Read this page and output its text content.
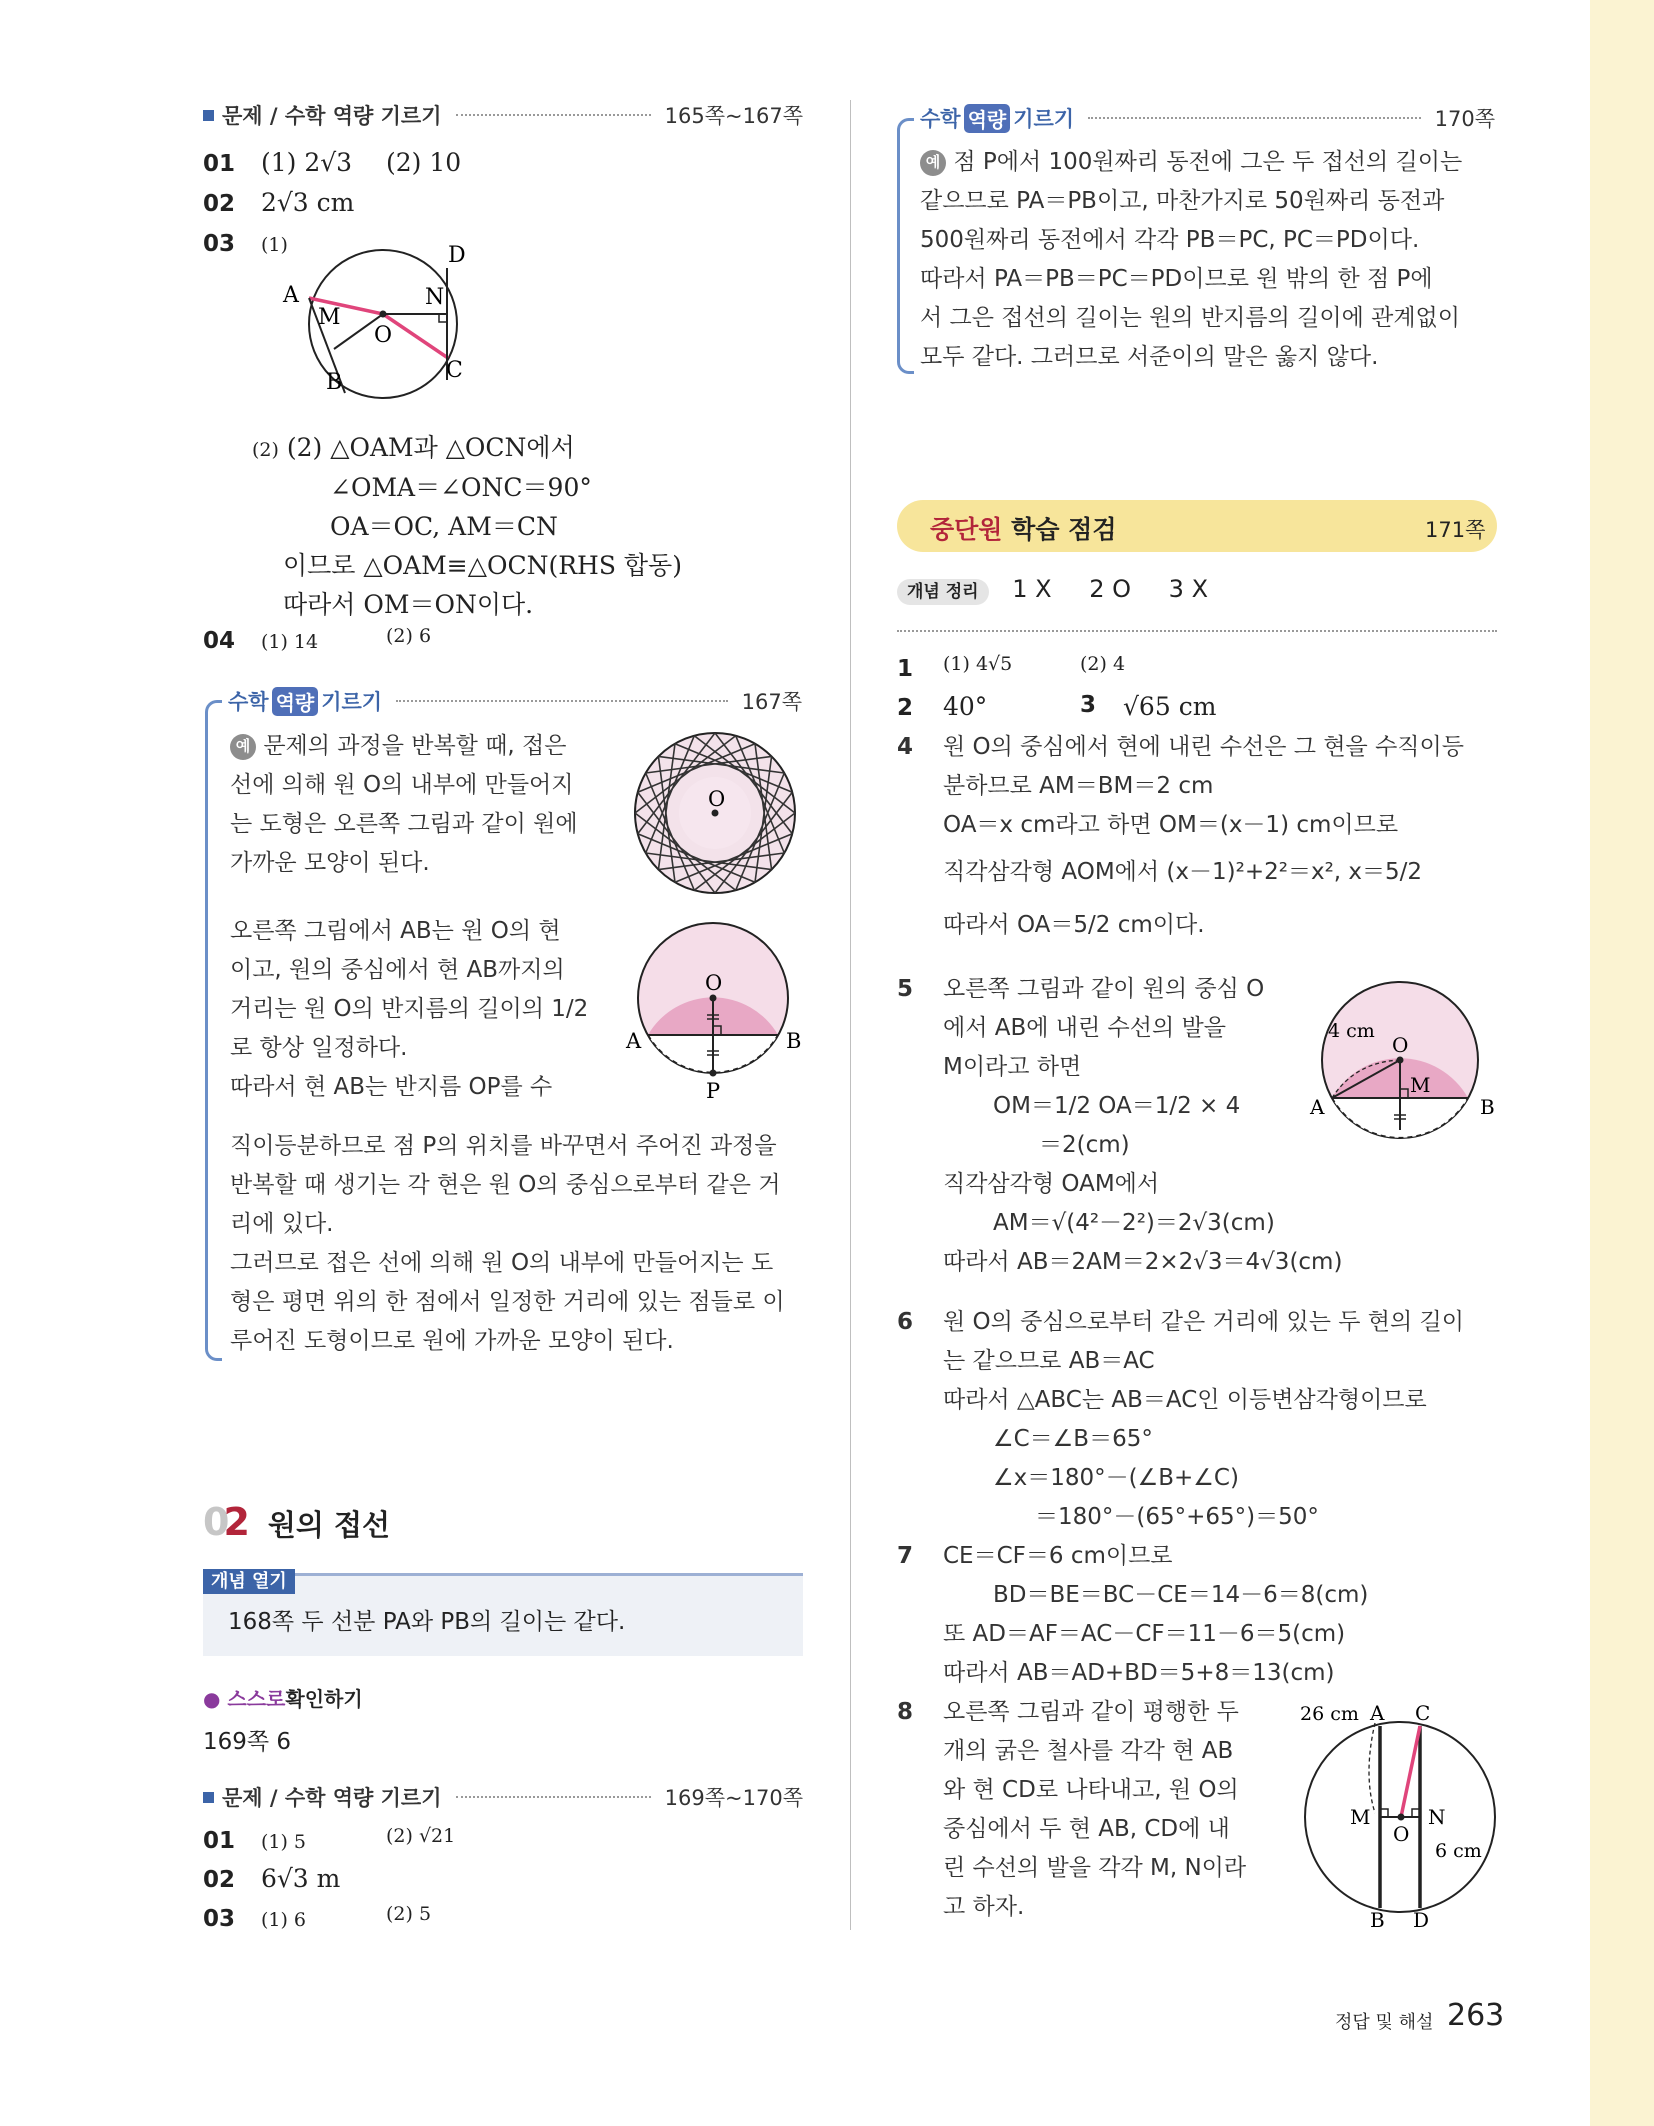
문제 / 수학 역량 기르기	165쪽~167쪽
01 (1) 2√3 (2) 10
02 2√3 cm
03 (1)
A
B	C
D
M
N
O
(2) (2) △OAM과 △OCN에서
∠OMA＝∠ONC＝90°
OA＝OC, AM＝CN
이므로 △OAM≡△OCN(RHS 합동)
따라서 OM＝ON이다.
04 (1) 14	(2) 6
수학 역량 기르기	167쪽
예 문제의 과정을 반복할 때, 접은
선에 의해 원 O의 내부에 만들어지
는 도형은 오른쪽 그림과 같이 원에
가까운 모양이 된다.
O
오른쪽 그림에서 AB는 원 O의 현
이고, 원의 중심에서 현 AB까지의
거리는 원 O의 반지름의 길이의 1/2
로 항상 일정하다.
따라서 현 AB는 반지름 OP를 수
O
A	B
P
직이등분하므로 점 P의 위치를 바꾸면서 주어진 과정을
반복할 때 생기는 각 현은 원 O의 중심으로부터 같은 거
리에 있다.
그러므로 접은 선에 의해 원 O의 내부에 만들어지는 도
형은 평면 위의 한 점에서 일정한 거리에 있는 점들로 이
루어진 도형이므로 원에 가까운 모양이 된다.
02 원의 접선
개념 열기
168쪽 두 선분 PA와 PB의 길이는 같다.
● 스스로확인하기
169쪽 6
문제 / 수학 역량 기르기	169쪽~170쪽
01 (1) 5	(2) √21
02 6√3 m
03 (1) 6	(2) 5
수학 역량 기르기	170쪽
예 점 P에서 100원짜리 동전에 그은 두 접선의 길이는
같으므로 PA＝PB이고, 마찬가지로 50원짜리 동전과
500원짜리 동전에서 각각 PB＝PC, PC＝PD이다.
따라서 PA＝PB＝PC＝PD이므로 원 밖의 한 점 P에
서 그은 접선의 길이는 원의 반지름의 길이에 관계없이
모두 같다. 그러므로 서준이의 말은 옳지 않다.
중단원 학습 점검	171쪽
개념 정리 1 X 2 O 3 X
1 (1) 4√5	(2) 4
2 40°	3 √65 cm
4 원 O의 중심에서 현에 내린 수선은 그 현을 수직이등
분하므로 AM＝BM＝2 cm
OA＝x cm라고 하면 OM＝(x－1) cm이므로
직각삼각형 AOM에서 (x－1)²+2²＝x², x＝5/2
따라서 OA＝5/2 cm이다.
5 오른쪽 그림과 같이 원의 중심 O
에서 AB에 내린 수선의 발을
M이라고 하면
OM＝1/2 OA＝1/2 × 4
＝2(cm)
직각삼각형 OAM에서
AM＝√(4²－2²)＝2√3(cm)
따라서 AB＝2AM＝2×2√3＝4√3(cm)
4 cm
O
M
A	B
6 원 O의 중심으로부터 같은 거리에 있는 두 현의 길이
는 같으므로 AB＝AC
따라서 △ABC는 AB＝AC인 이등변삼각형이므로
∠C＝∠B＝65°
∠x＝180°－(∠B+∠C)
＝180°－(65°+65°)＝50°
7 CE＝CF＝6 cm이므로
BD＝BE＝BC－CE＝14－6＝8(cm)
또 AD＝AF＝AC－CF＝11－6＝5(cm)
따라서 AB＝AD+BD＝5+8＝13(cm)
8 오른쪽 그림과 같이 평행한 두
개의 굵은 철사를 각각 현 AB
와 현 CD로 나타내고, 원 O의
중심에서 두 현 AB, CD에 내
린 수선의 발을 각각 M, N이라
고 하자.
26 cm A C
M	N
O
6 cm
B D
정답 및 해설 263
